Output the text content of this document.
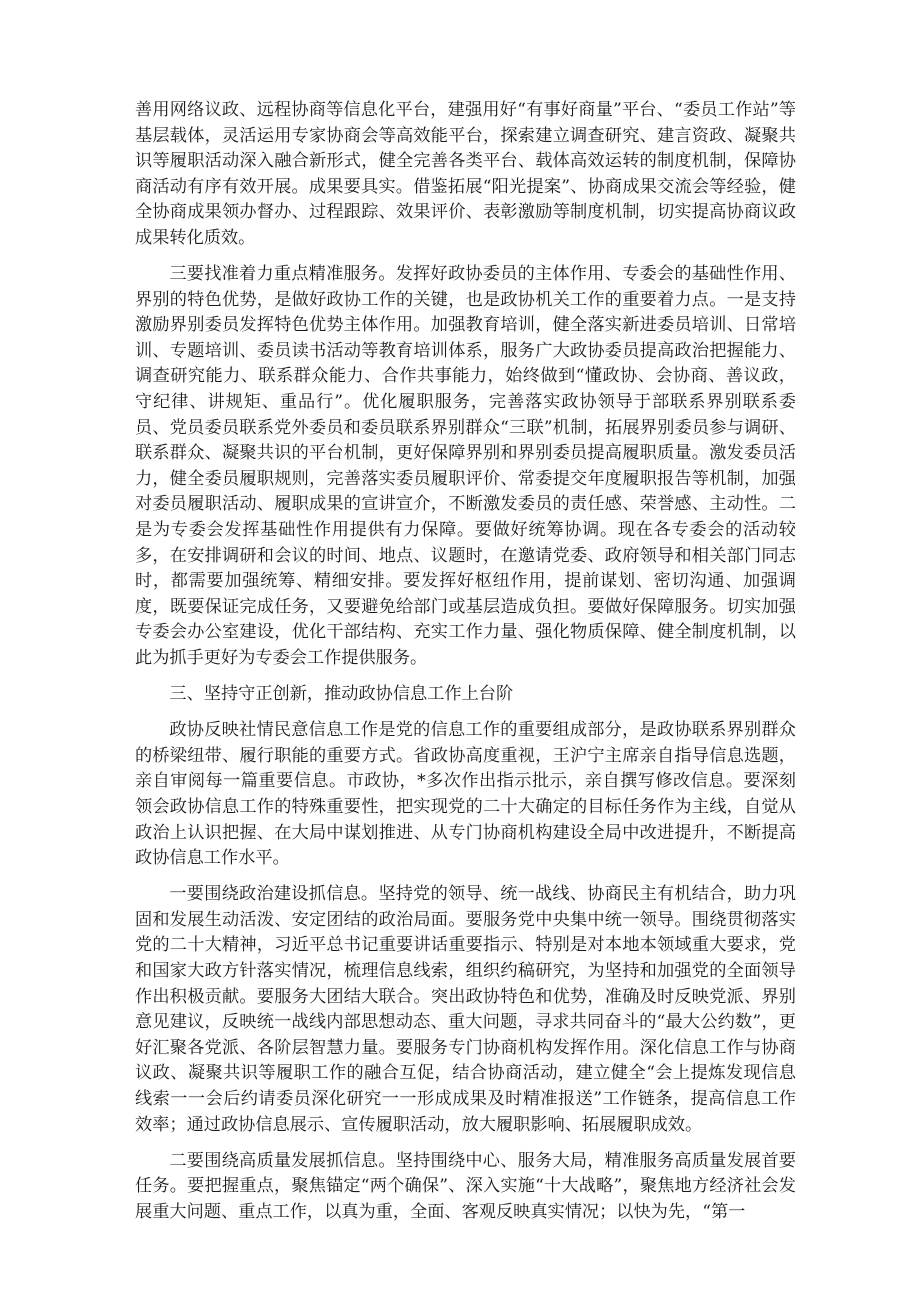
善用网络议政、远程协商等信息化平台，建强用好“有事好商量”平台、“委员工作站”等基层载体，灵活运用专家协商会等高效能平台，探索建立调查研究、建言资政、凝聚共识等履职活动深入融合新形式，健全完善各类平台、载体高效运转的制度机制，保障协商活动有序有效开展。成果要具实。借鉴拓展“阳光提案”、协商成果交流会等经验，健全协商成果领办督办、过程跟踪、效果评价、表彰激励等制度机制，切实提高协商议政成果转化质效。

三要找准着力重点精准服务。发挥好政协委员的主体作用、专委会的基础性作用、界别的特色优势，是做好政协工作的关键，也是政协机关工作的重要着力点。一是支持激励界别委员发挥特色优势主体作用。加强教育培训，健全落实新进委员培训、日常培训、专题培训、委员读书活动等教育培训体系，服务广大政协委员提高政治把握能力、调查研究能力、联系群众能力、合作共事能力，始终做到“懂政协、会协商、善议政，守纪律、讲规矩、重品行”。优化履职服务，完善落实政协领导于部联系界别联系委员、党员委员联系党外委员和委员联系界别群众“三联”机制，拓展界别委员参与调研、联系群众、凝聚共识的平台机制，更好保障界别和界别委员提高履职质量。激发委员活力，健全委员履职规则，完善落实委员履职评价、常委提交年度履职报告等机制，加强对委员履职活动、履职成果的宣讲宣介，不断激发委员的责任感、荣誉感、主动性。二是为专委会发挥基础性作用提供有力保障。要做好统筹协调。现在各专委会的活动较多，在安排调研和会议的时间、地点、议题时，在邀请党委、政府领导和相关部门同志时，都需要加强统筹、精细安排。要发挥好枢纽作用，提前谋划、密切沟通、加强调度，既要保证完成任务，又要避免给部门或基层造成负担。要做好保障服务。切实加强专委会办公室建设，优化干部结构、充实工作力量、强化物质保障、健全制度机制，以此为抓手更好为专委会工作提供服务。

三、坚持守正创新，推动政协信息工作上台阶

政协反映社情民意信息工作是党的信息工作的重要组成部分，是政协联系界别群众的桥梁纽带、履行职能的重要方式。省政协高度重视，王沪宁主席亲自指导信息选题，亲自审阅每一篇重要信息。市政协，*多次作出指示批示，亲自撰写修改信息。要深刻领会政协信息工作的特殊重要性，把实现党的二十大确定的目标任务作为主线，自觉从政治上认识把握、在大局中谋划推进、从专门协商机构建设全局中改进提升，不断提高政协信息工作水平。

一要围绕政治建设抓信息。坚持党的领导、统一战线、协商民主有机结合，助力巩固和发展生动活泼、安定团结的政治局面。要服务党中央集中统一领导。围绕贯彻落实党的二十大精神，习近平总书记重要讲话重要指示、特别是对本地本领域重大要求，党和国家大政方针落实情况，梳理信息线索，组织约稿研究，为坚持和加强党的全面领导作出积极贡献。要服务大团结大联合。突出政协特色和优势，准确及时反映党派、界别意见建议，反映统一战线内部思想动态、重大问题，寻求共同奋斗的“最大公约数”，更好汇聚各党派、各阶层智慧力量。要服务专门协商机构发挥作用。深化信息工作与协商议政、凝聚共识等履职工作的融合互促，结合协商活动，建立健全“会上提炼发现信息线索一一会后约请委员深化研究一一形成成果及时精准报送”工作链条，提高信息工作效率；通过政协信息展示、宣传履职活动，放大履职影响、拓展履职成效。

二要围绕高质量发展抓信息。坚持围绕中心、服务大局，精准服务高质量发展首要任务。要把握重点，聚焦锚定“两个确保”、深入实施“十大战略”，聚焦地方经济社会发展重大问题、重点工作，以真为重，全面、客观反映真实情况；以快为先，“第一
